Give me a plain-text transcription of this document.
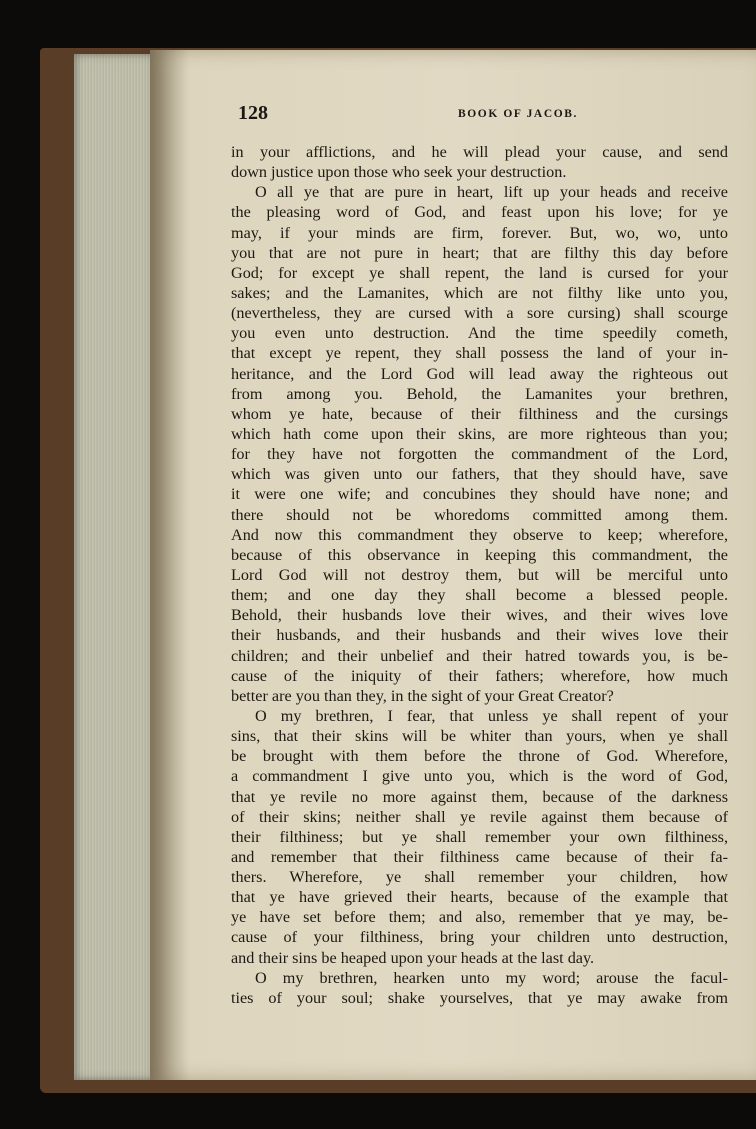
128	BOOK OF JACOB.
in your afflictions, and he will plead your cause, and send
down justice upon those who seek your destruction.
O all ye that are pure in heart, lift up your heads and receive
the pleasing word of God, and feast upon his love; for ye
may, if your minds are firm, forever. But, wo, wo, unto
you that are not pure in heart; that are filthy this day before
God; for except ye shall repent, the land is cursed for your
sakes; and the Lamanites, which are not filthy like unto you,
(nevertheless, they are cursed with a sore cursing) shall scourge
you even unto destruction. And the time speedily cometh,
that except ye repent, they shall possess the land of your in-
heritance, and the Lord God will lead away the righteous out
from among you. Behold, the Lamanites your brethren,
whom ye hate, because of their filthiness and the cursings
which hath come upon their skins, are more righteous than you;
for they have not forgotten the commandment of the Lord,
which was given unto our fathers, that they should have, save
it were one wife; and concubines they should have none; and
there should not be whoredoms committed among them.
And now this commandment they observe to keep; wherefore,
because of this observance in keeping this commandment, the
Lord God will not destroy them, but will be merciful unto
them; and one day they shall become a blessed people.
Behold, their husbands love their wives, and their wives love
their husbands, and their husbands and their wives love their
children; and their unbelief and their hatred towards you, is be-
cause of the iniquity of their fathers; wherefore, how much
better are you than they, in the sight of your Great Creator?
O my brethren, I fear, that unless ye shall repent of your
sins, that their skins will be whiter than yours, when ye shall
be brought with them before the throne of God. Wherefore,
a commandment I give unto you, which is the word of God,
that ye revile no more against them, because of the darkness
of their skins; neither shall ye revile against them because of
their filthiness; but ye shall remember your own filthiness,
and remember that their filthiness came because of their fa-
thers. Wherefore, ye shall remember your children, how
that ye have grieved their hearts, because of the example that
ye have set before them; and also, remember that ye may, be-
cause of your filthiness, bring your children unto destruction,
and their sins be heaped upon your heads at the last day.
O my brethren, hearken unto my word; arouse the facul-
ties of your soul; shake yourselves, that ye may awake from
